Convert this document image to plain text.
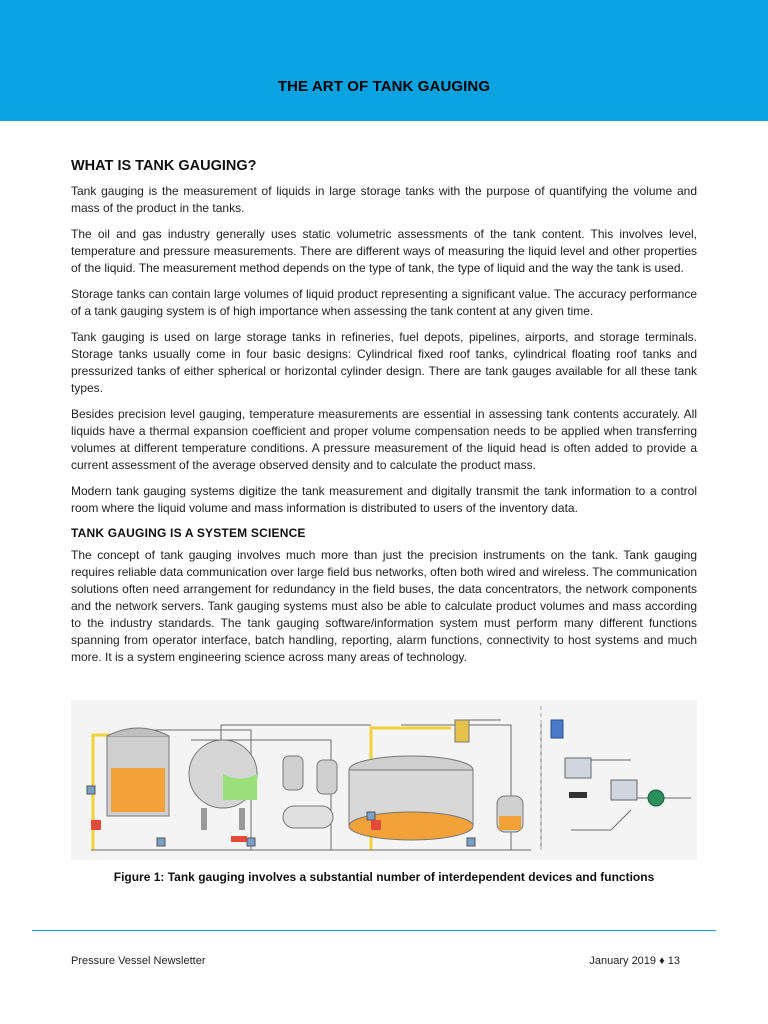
THE ART OF TANK GAUGING
WHAT IS TANK GAUGING?

Tank gauging is the measurement of liquids in large storage tanks with the purpose of quantifying the volume and mass of the product in the tanks.

The oil and gas industry generally uses static volumetric assessments of the tank content. This involves level, temperature and pressure measurements. There are different ways of measuring the liquid level and other properties of the liquid. The measurement method depends on the type of tank, the type of liquid and the way the tank is used.

Storage tanks can contain large volumes of liquid product representing a significant value. The accuracy performance of a tank gauging system is of high importance when assessing the tank content at any given time.

Tank gauging is used on large storage tanks in refineries, fuel depots, pipelines, airports, and storage terminals. Storage tanks usually come in four basic designs: Cylindrical fixed roof tanks, cylindrical floating roof tanks and pressurized tanks of either spherical or horizontal cylinder design. There are tank gauges available for all these tank types.

Besides precision level gauging, temperature measurements are essential in assessing tank contents accurately. All liquids have a thermal expansion coefficient and proper volume compensation needs to be applied when transferring volumes at different temperature conditions. A pressure measurement of the liquid head is often added to provide a current assessment of the average observed density and to calculate the product mass.

Modern tank gauging systems digitize the tank measurement and digitally transmit the tank information to a control room where the liquid volume and mass information is distributed to users of the inventory data.

TANK GAUGING IS A SYSTEM SCIENCE

The concept of tank gauging involves much more than just the precision instruments on the tank. Tank gauging requires reliable data communication over large field bus networks, often both wired and wireless. The communication solutions often need arrangement for redundancy in the field buses, the data concentrators, the network components and the network servers. Tank gauging systems must also be able to calculate product volumes and mass according to the industry standards. The tank gauging software/information system must perform many different functions spanning from operator interface, batch handling, reporting, alarm functions, connectivity to host systems and much more. It is a system engineering science across many areas of technology.

Figure 1: Tank gauging involves a substantial number of interdependent devices and functions
Pressure Vessel Newsletter	January 2019 ♦ 13
